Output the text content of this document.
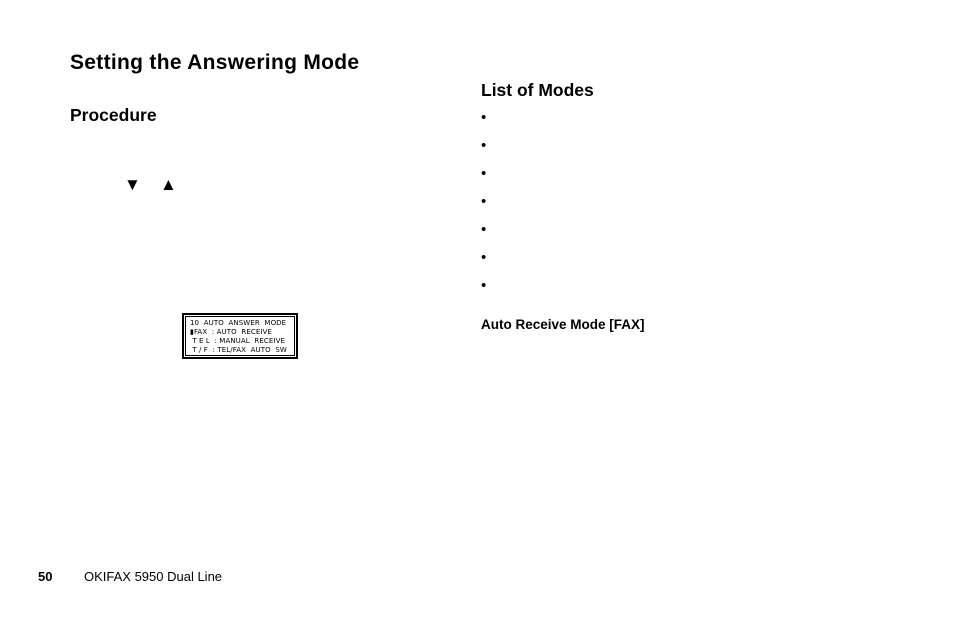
Setting the Answering Mode
Procedure
▼ ▲
10  AUTO  ANSWER  MODE
▮FAX  : AUTO  RECEIVE
T E L  : MANUAL  RECEIVE
T / F  : TEL/FAX  AUTO  SW
List of Modes
•
•
•
•
•
•
•
Auto Receive Mode [FAX]
50 OKIFAX 5950 Dual Line
